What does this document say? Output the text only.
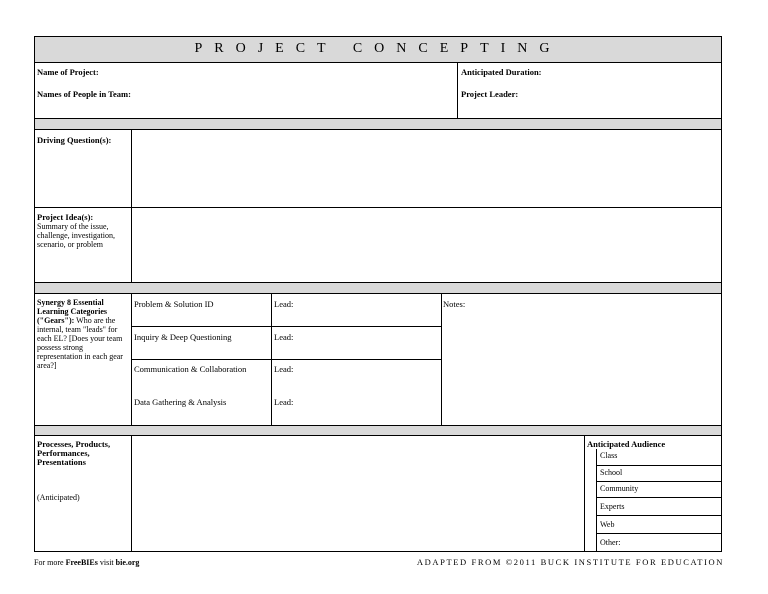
PROJECT CONCEPTING
Name of Project:
Names of People in Team:
Anticipated Duration:
Project Leader:
Driving Question(s):
Project Idea(s):
Summary of the issue, challenge, investigation, scenario, or problem
Synergy 8 Essential Learning Categories ("Gears"): Who are the internal, team "leads" for each EL? [Does your team possess strong representation in each gear area?]
Problem & Solution ID	Lead:
Inquiry & Deep Questioning	Lead:
Communication & Collaboration	Lead:
Data Gathering & Analysis	Lead:
Notes:
Processes, Products, Performances, Presentations
(Anticipated)
Anticipated Audience
Class
School
Community
Experts
Web
Other:
For more FreeBIEs visit bie.org	ADAPTED FROM ©2011 BUCK INSTITUTE FOR EDUCATION
